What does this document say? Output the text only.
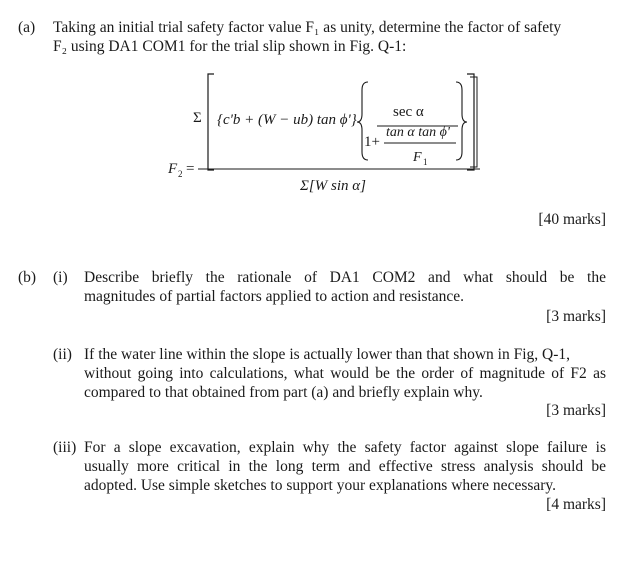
(a) Taking an initial trial safety factor value F₁ as unity, determine the factor of safety
F₂ using DA1 COM1 for the trial slip shown in Fig. Q-1:
Σ {c'b + (W − ub) tan ϕ'} sec α
1+
tan α tan ϕ'
F 1
F 2 =
Σ[W sin α]
[40 marks]
(b) (i) Describe briefly the rationale of DA1 COM2 and what should be the
magnitudes of partial factors applied to action and resistance.
[3 marks]
(ii) If the water line within the slope is actually lower than that shown in Fig, Q-1,
without going into calculations, what would be the order of magnitude of F2 as
compared to that obtained from part (a) and briefly explain why.
[3 marks]
(iii) For a slope excavation, explain why the safety factor against slope failure is
usually more critical in the long term and effective stress analysis should be
adopted. Use simple sketches to support your explanations where necessary.
[4 marks]
